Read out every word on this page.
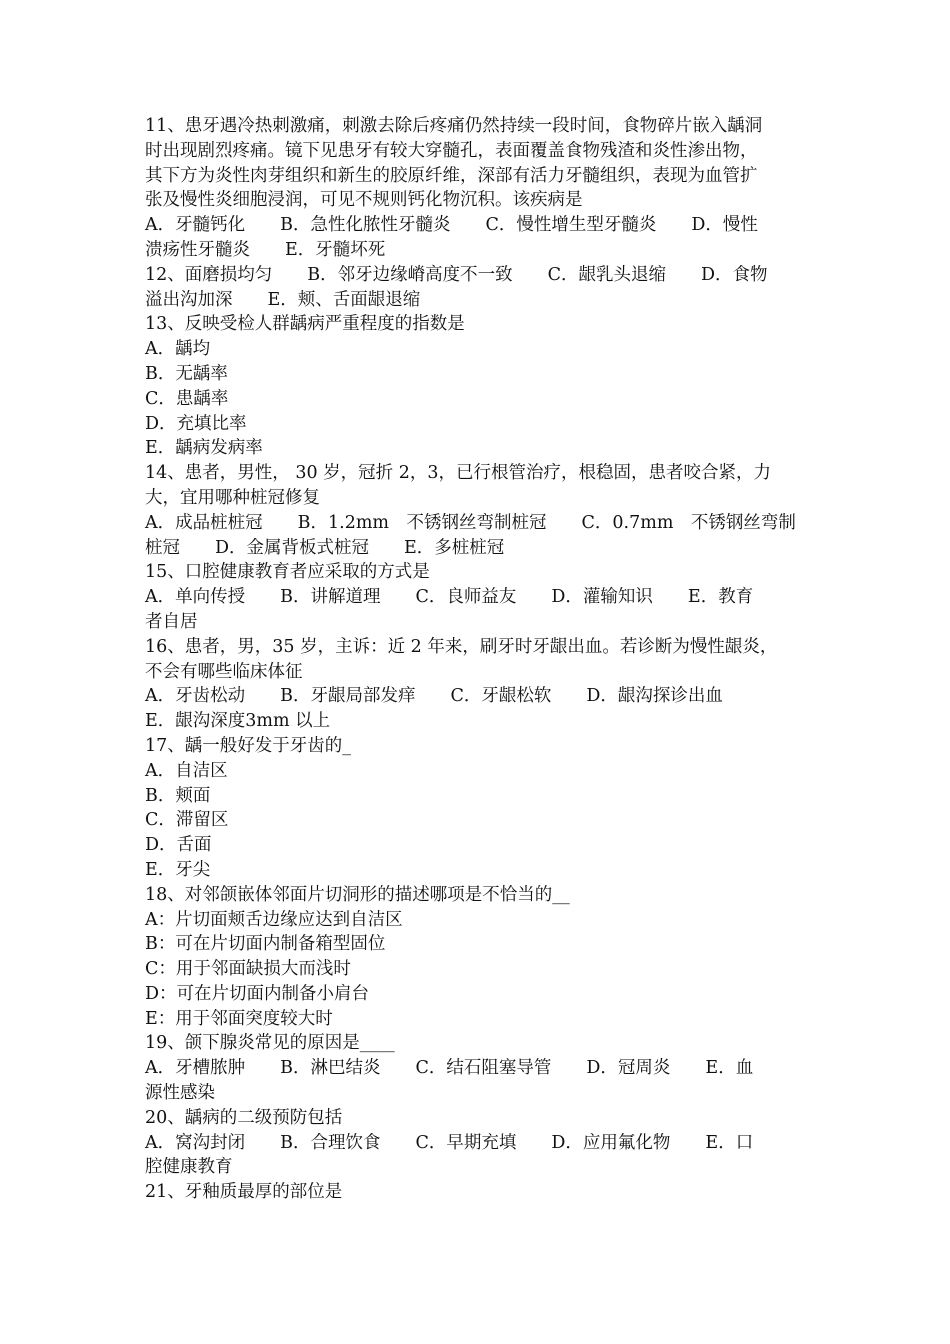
11、患牙遇冷热刺激痛，刺激去除后疼痛仍然持续一段时间，食物碎片嵌入龋洞
时出现剧烈疼痛。镜下见患牙有较大穿髓孔，表面覆盖食物残渣和炎性渗出物，
其下方为炎性肉芽组织和新生的胶原纤维，深部有活力牙髓组织，表现为血管扩
张及慢性炎细胞浸润，可见不规则钙化物沉积。该疾病是
A．牙髓钙化　　B．急性化脓性牙髓炎　　C．慢性增生型牙髓炎　　D．慢性
溃疡性牙髓炎　　E．牙髓坏死
12、面磨损均匀　　B．邻牙边缘嵴高度不一致　　C．龈乳头退缩　　D．食物
溢出沟加深　　E．颊、舌面龈退缩
13、反映受检人群龋病严重程度的指数是
A．龋均
B．无龋率
C．患龋率
D．充填比率
E．龋病发病率
14、患者，男性， 30 岁，冠折 2，3，已行根管治疗，根稳固，患者咬合紧，力
大，宜用哪种桩冠修复
A．成品桩桩冠　　B．1.2mm　不锈钢丝弯制桩冠　　C．0.7mm　不锈钢丝弯制
桩冠　　D．金属背板式桩冠　　E．多桩桩冠
15、口腔健康教育者应采取的方式是
A．单向传授　　B．讲解道理　　C．良师益友　　D．灌输知识　　E．教育
者自居
16、患者，男，35 岁，主诉：近 2 年来，刷牙时牙龈出血。若诊断为慢性龈炎，
不会有哪些临床体征
A．牙齿松动　　B．牙龈局部发痒　　C．牙龈松软　　D．龈沟探诊出血
E．龈沟深度3mm 以上
17、龋一般好发于牙齿的_
A．自洁区
B．颊面
C．滞留区
D．舌面
E．牙尖
18、对邻颌嵌体邻面片切洞形的描述哪项是不恰当的__
A：片切面颊舌边缘应达到自洁区
B：可在片切面内制备箱型固位
C：用于邻面缺损大而浅时
D：可在片切面内制备小肩台
E：用于邻面突度较大时
19、颌下腺炎常见的原因是____
A．牙槽脓肿　　B．淋巴结炎　　C．结石阻塞导管　　D．冠周炎　　E．血
源性感染
20、龋病的二级预防包括
A．窝沟封闭　　B．合理饮食　　C．早期充填　　D．应用氟化物　　E．口
腔健康教育
21、牙釉质最厚的部位是
